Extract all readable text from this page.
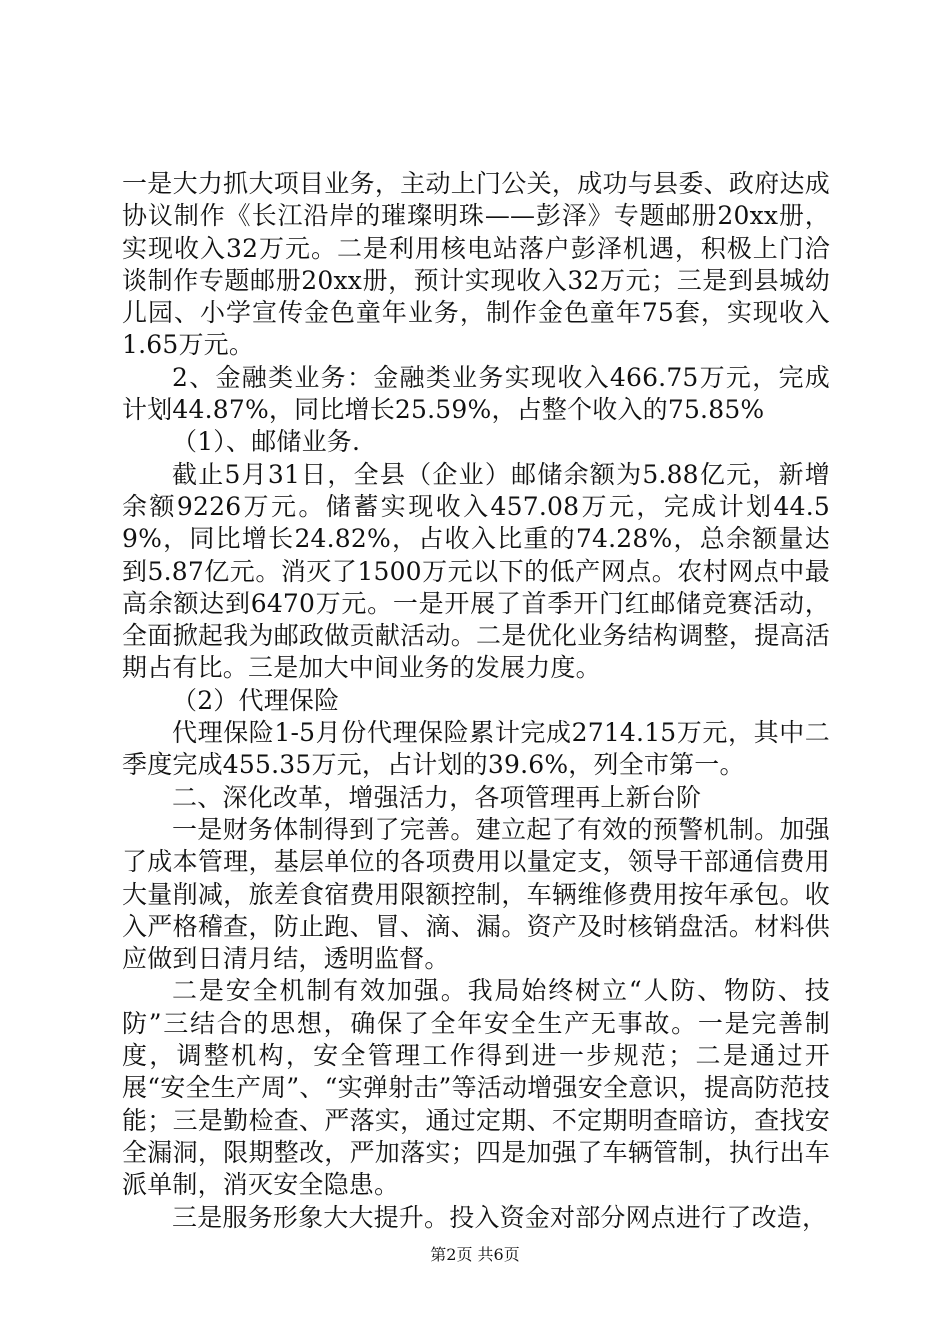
一是大力抓大项目业务，主动上门公关，成功与县委、政府达成协议制作《长江沿岸的璀璨明珠——彭泽》专题邮册20xx册，实现收入32万元。二是利用核电站落户彭泽机遇，积极上门洽谈制作专题邮册20xx册，预计实现收入32万元；三是到县城幼儿园、小学宣传金色童年业务，制作金色童年75套，实现收入1.65万元。

2、金融类业务：金融类业务实现收入466.75万元，完成计划44.87%，同比增长25.59%，占整个收入的75.85%

（1）、邮储业务.

截止5月31日，全县（企业）邮储余额为5.88亿元，新增余额9226万元。储蓄实现收入457.08万元，完成计划44.59%，同比增长24.82%，占收入比重的74.28%，总余额量达到5.87亿元。消灭了1500万元以下的低产网点。农村网点中最高余额达到6470万元。一是开展了首季开门红邮储竞赛活动，全面掀起我为邮政做贡献活动。二是优化业务结构调整，提高活期占有比。三是加大中间业务的发展力度。

（2）代理保险

代理保险1-5月份代理保险累计完成2714.15万元，其中二季度完成455.35万元，占计划的39.6%，列全市第一。

二、深化改革，增强活力，各项管理再上新台阶

一是财务体制得到了完善。建立起了有效的预警机制。加强了成本管理，基层单位的各项费用以量定支，领导干部通信费用大量削减，旅差食宿费用限额控制，车辆维修费用按年承包。收入严格稽查，防止跑、冒、滴、漏。资产及时核销盘活。材料供应做到日清月结，透明监督。

二是安全机制有效加强。我局始终树立“人防、物防、技防”三结合的思想，确保了全年安全生产无事故。一是完善制度，调整机构，安全管理工作得到进一步规范；二是通过开展“安全生产周”、“实弹射击”等活动增强安全意识，提高防范技能；三是勤检查、严落实，通过定期、不定期明查暗访，查找安全漏洞，限期整改，严加落实；四是加强了车辆管制，执行出车派单制，消灭安全隐患。

三是服务形象大大提升。投入资金对部分网点进行了改造，

第2页 共6页
